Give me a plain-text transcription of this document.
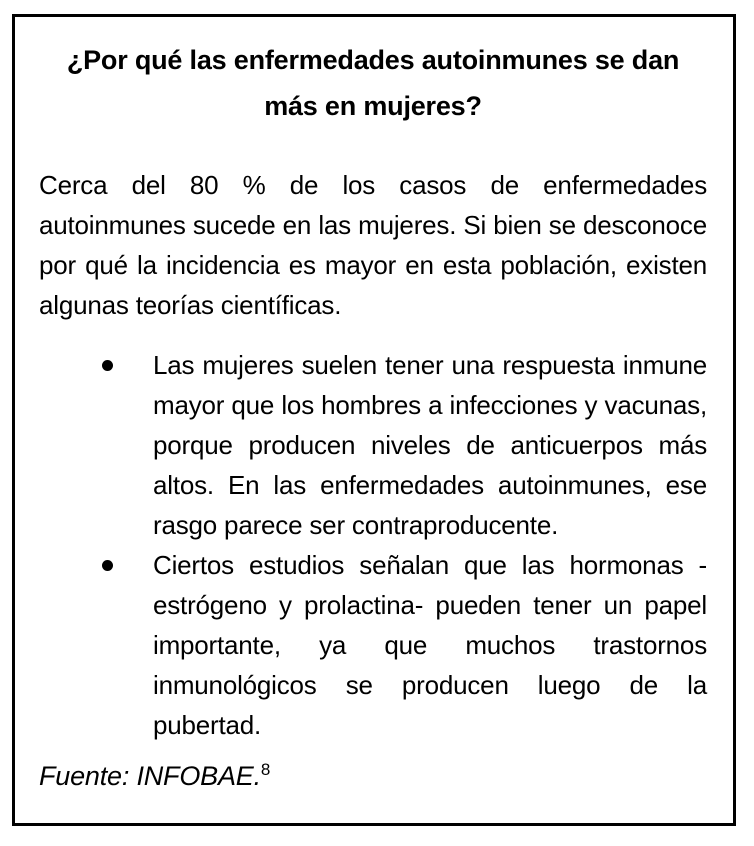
¿Por qué las enfermedades autoinmunes se dan más en mujeres?

Cerca del 80 % de los casos de enfermedades autoinmunes sucede en las mujeres. Si bien se desconoce por qué la incidencia es mayor en esta población, existen algunas teorías científicas.

Las mujeres suelen tener una respuesta inmune mayor que los hombres a infecciones y vacunas, porque producen niveles de anticuerpos más altos. En las enfermedades autoinmunes, ese rasgo parece ser contraproducente.
Ciertos estudios señalan que las hormonas - estrógeno y prolactina- pueden tener un papel importante, ya que muchos trastornos inmunológicos se producen luego de la pubertad.

Fuente: INFOBAE.$^8$
